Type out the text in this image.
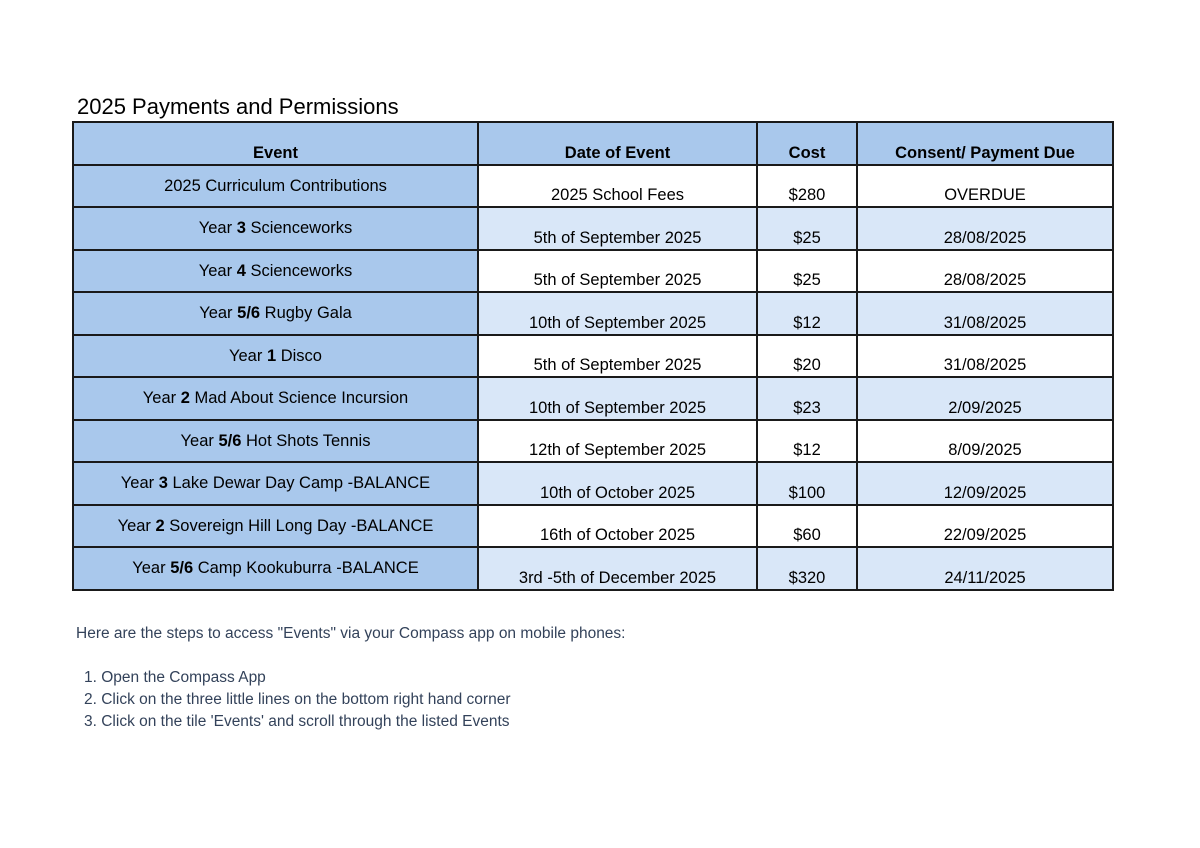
2025 Payments and Permissions
Event	Date of Event	Cost	Consent/ Payment Due
2025 Curriculum Contributions	2025 School Fees	$280	OVERDUE
Year 3 Scienceworks	5th of September 2025	$25	28/08/2025
Year 4 Scienceworks	5th of September 2025	$25	28/08/2025
Year 5/6 Rugby Gala	10th of September 2025	$12	31/08/2025
Year 1 Disco	5th of September 2025	$20	31/08/2025
Year 2 Mad About Science Incursion	10th of September 2025	$23	2/09/2025
Year 5/6 Hot Shots Tennis	12th of September 2025	$12	8/09/2025
Year 3 Lake Dewar Day Camp -BALANCE	10th of October 2025	$100	12/09/2025
Year 2 Sovereign Hill Long Day -BALANCE	16th of October 2025	$60	22/09/2025
Year 5/6 Camp Kookuburra -BALANCE	3rd -5th of December 2025	$320	24/11/2025
Here are the steps to access "Events" via your Compass app on mobile phones:
1. Open the Compass App
2. Click on the three little lines on the bottom right hand corner
3. Click on the tile 'Events' and scroll through the listed Events
